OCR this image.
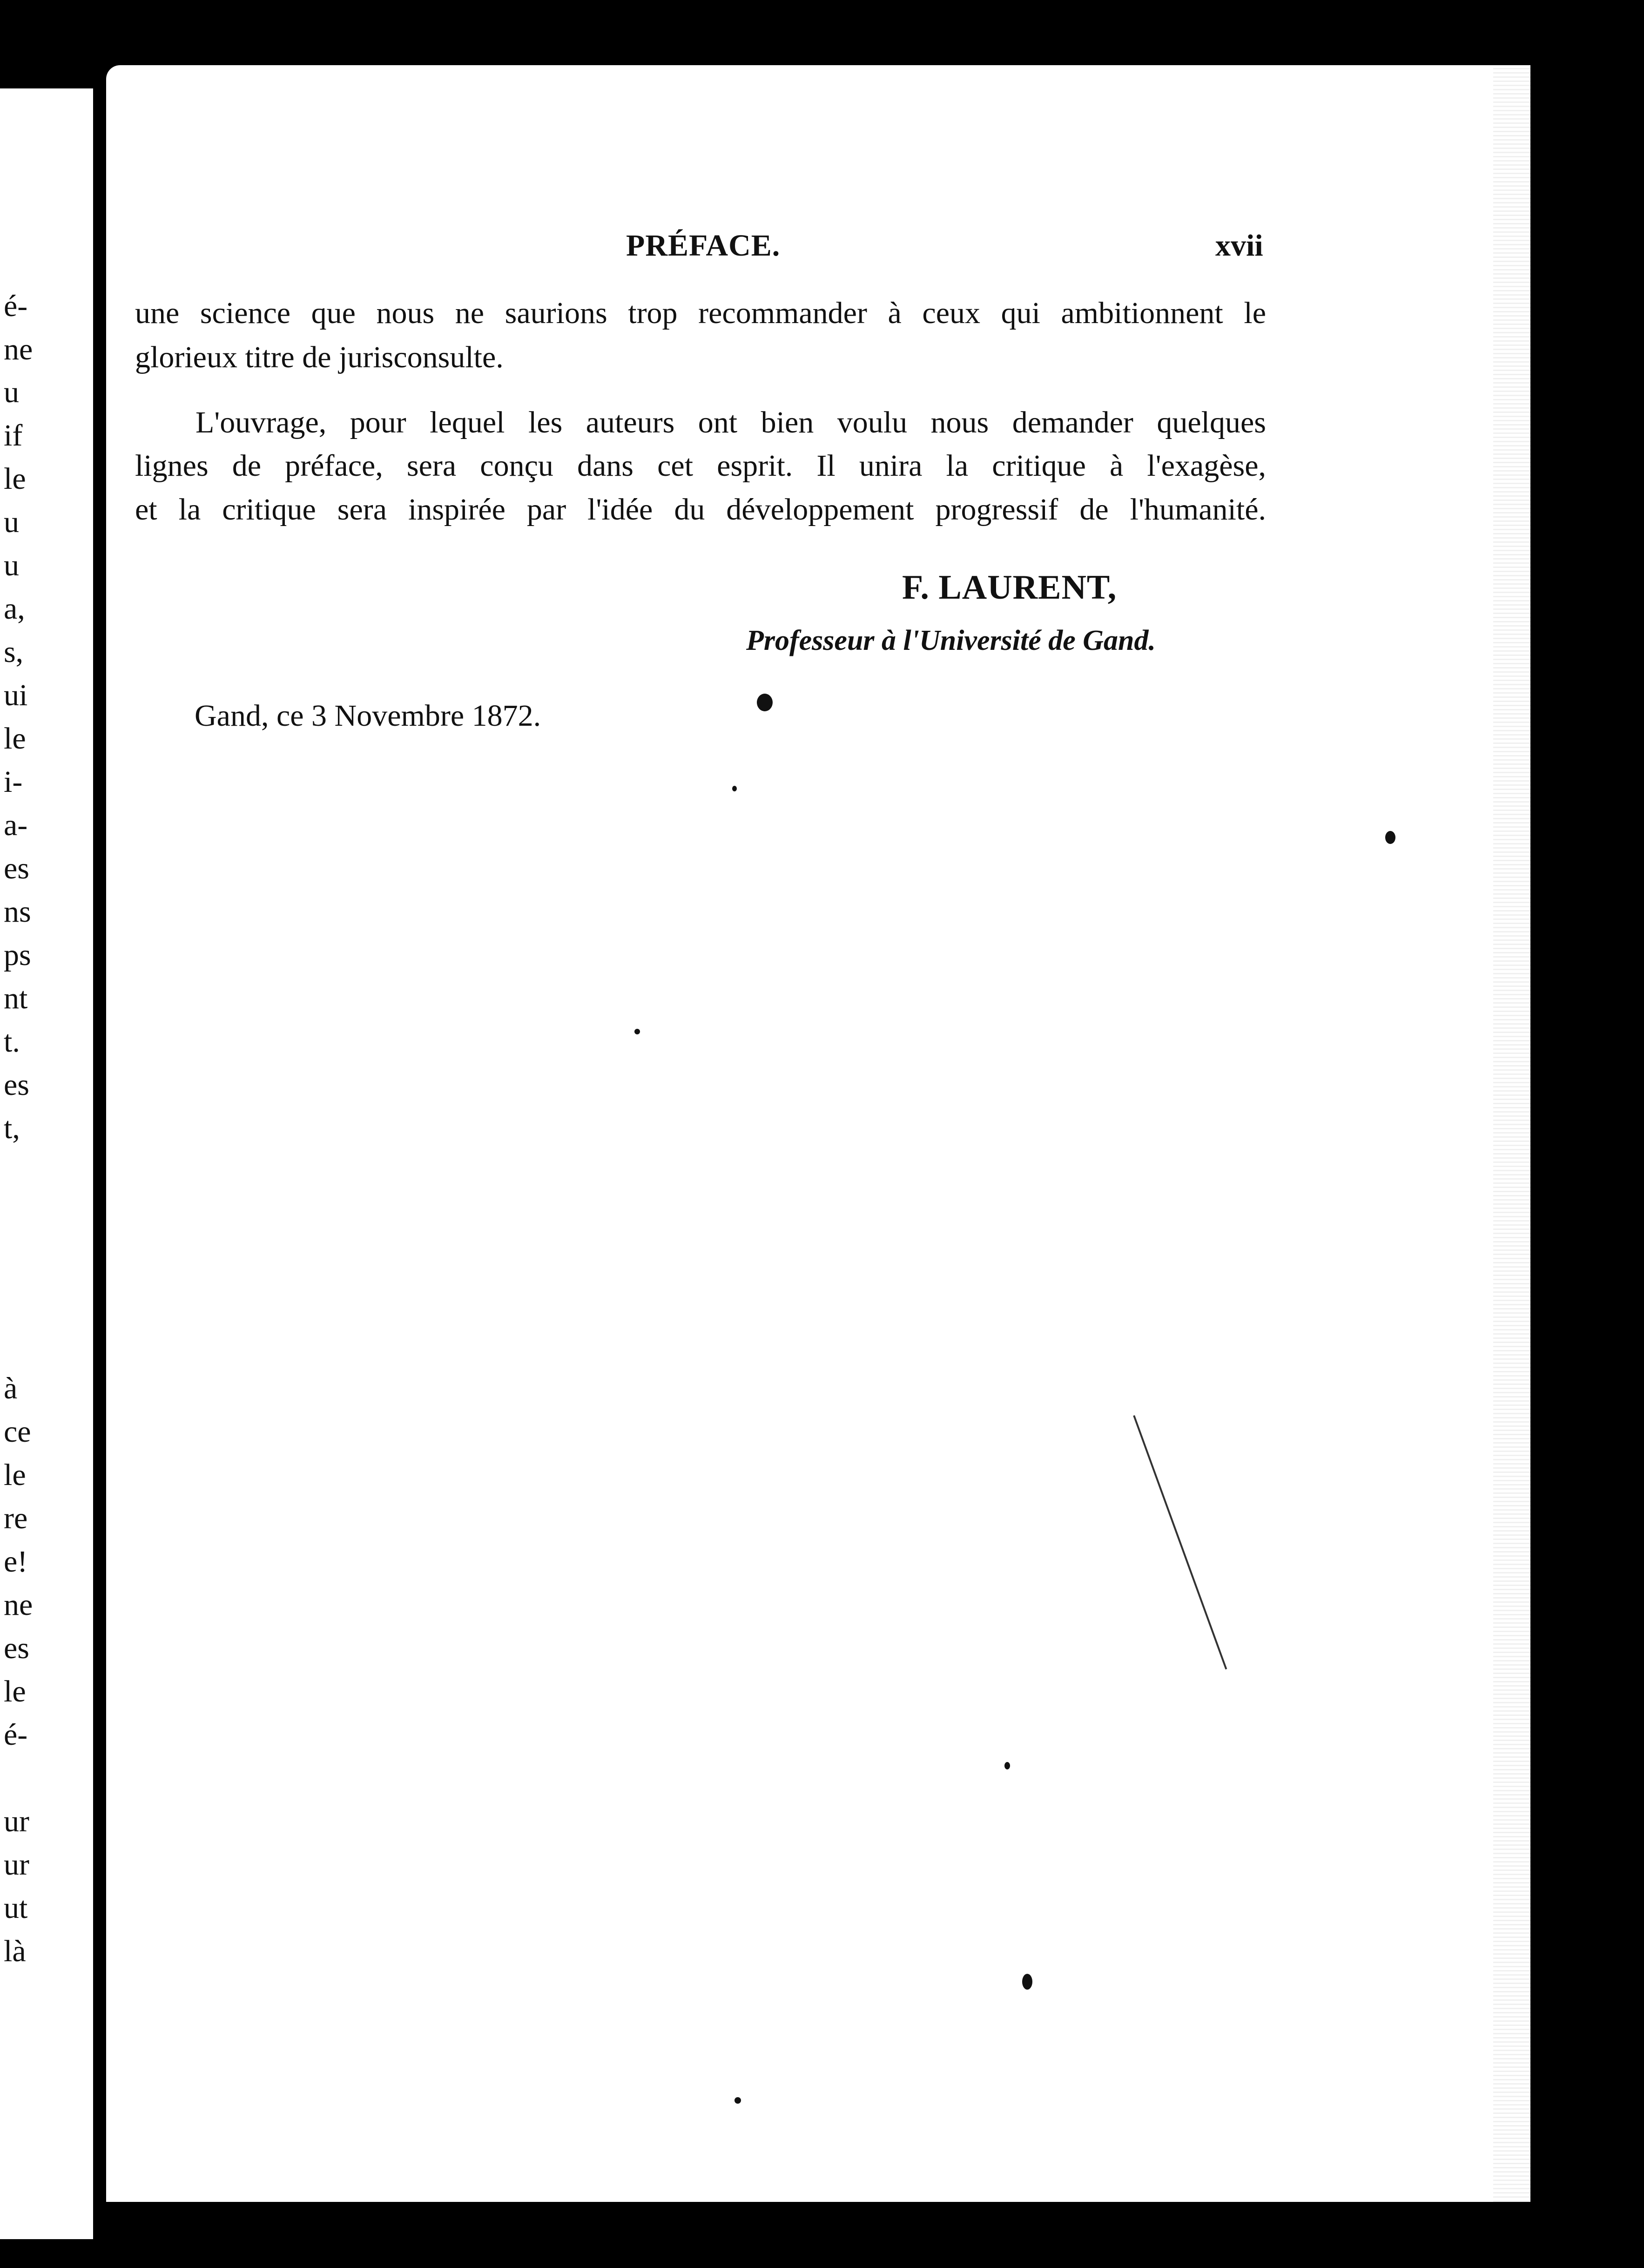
é-
ne
u
if
le
u
u
a,
s,
ui
le
i-
a-
es
ns
ps
nt
t.
es
t,
à
ce
le
re
e!
ne
es
le
é-
ur
ur
ut
là
PRÉFACE.	xvii
une science que nous ne saurions trop recommander à ceux qui ambitionnent le
glorieux titre de jurisconsulte.
L'ouvrage, pour lequel les auteurs ont bien voulu nous demander quelques
lignes de préface, sera conçu dans cet esprit. Il unira la critique à l'exagèse,
et la critique sera inspirée par l'idée du développement progressif de l'humanité.
F. LAURENT,
Professeur à l'Université de Gand.
Gand, ce 3 Novembre 1872.
